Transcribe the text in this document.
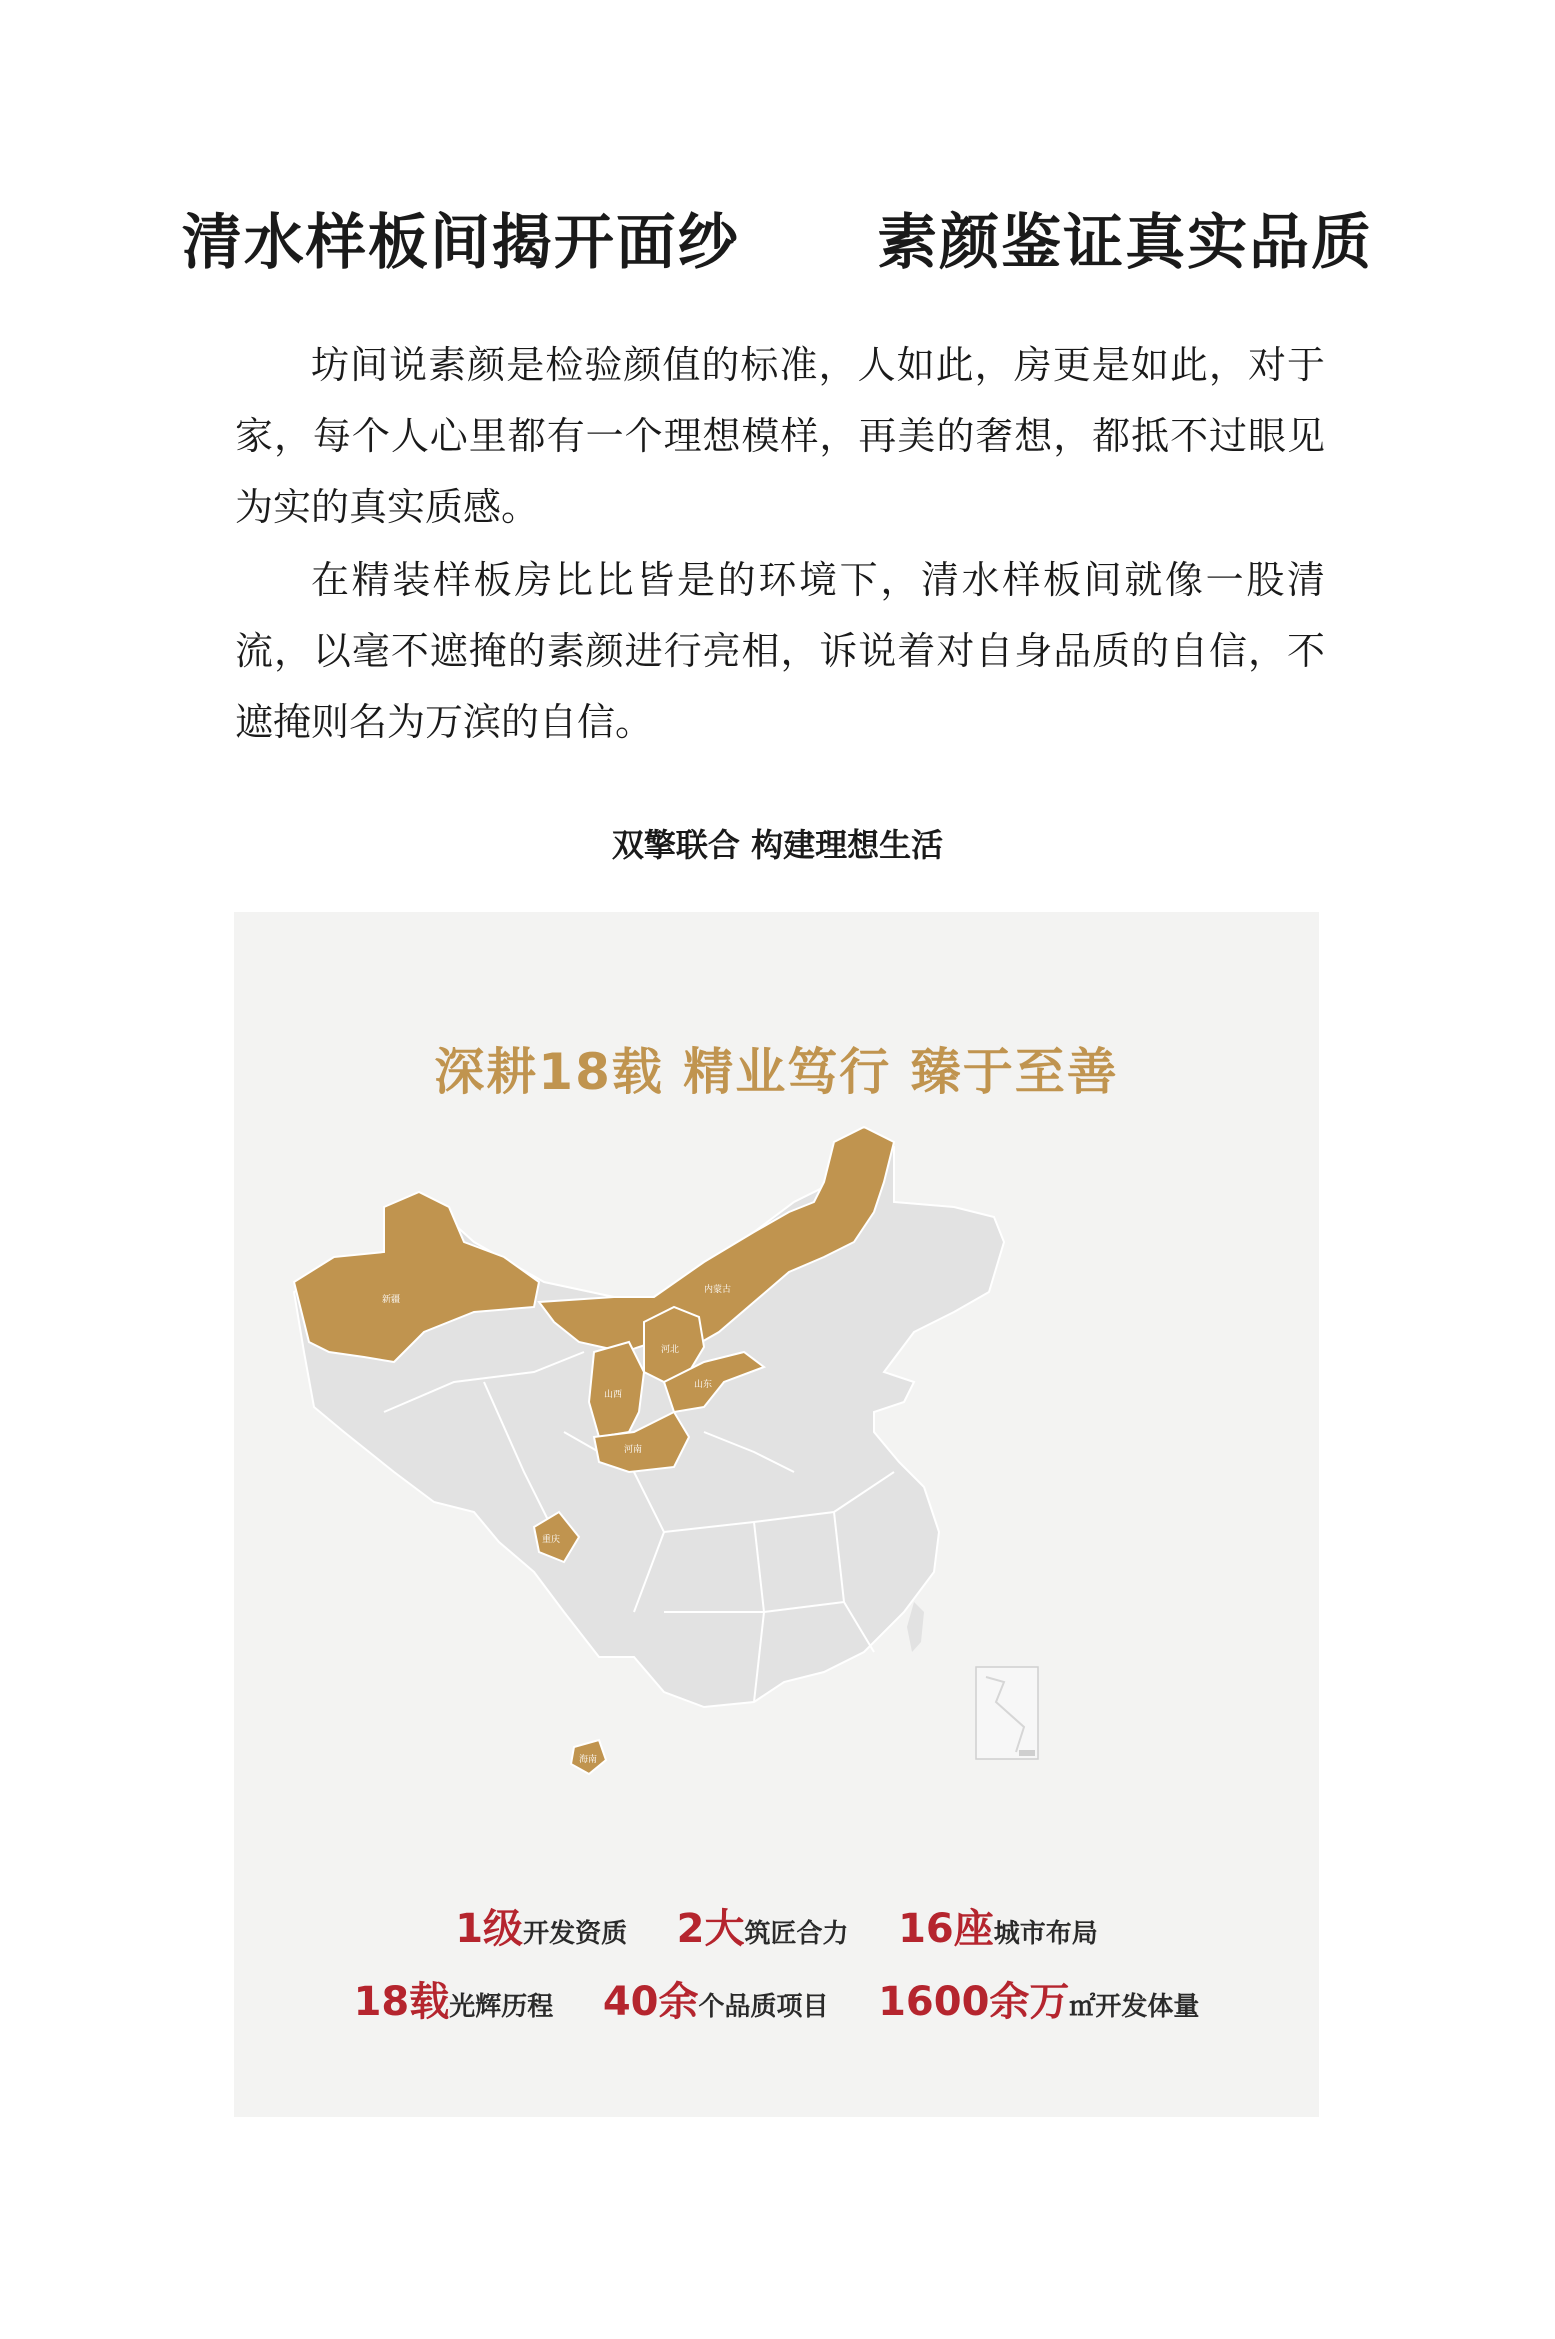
清水样板间揭开面纱      素颜鉴证真实品质

坊间说素颜是检验颜值的标准，人如此，房更是如此，对于家，每个人心里都有一个理想模样，再美的奢想，都抵不过眼见为实的真实质感。

在精装样板房比比皆是的环境下，清水样板间就像一股清流，以毫不遮掩的素颜进行亮相，诉说着对自身品质的自信，不遮掩则名为万滨的自信。

双擎联合 构建理想生活
深耕18载 精业笃行 臻于至善
新疆
内蒙古
山西
河北
山东
河南
重庆
海南
1级开发资质 2大筑匠合力 16座城市布局
18载光辉历程 40余个品质项目 1600余万㎡开发体量
